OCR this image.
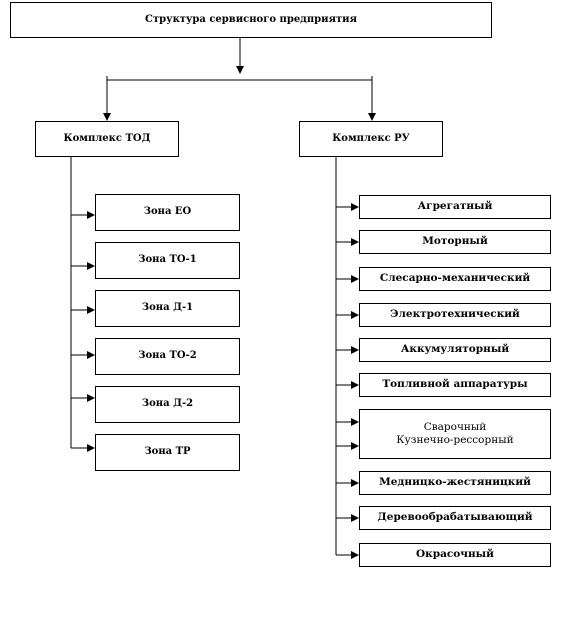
Структура сервисного предприятия
Комплекс ТОД	Комплекс РУ
Зона ЕО
Зона ТО-1
Зона Д-1
Зона ТО-2
Зона Д-2
Зона ТР
Агрегатный
Моторный
Слесарно-механический
Электротехнический
Аккумуляторный
Топливной аппаратуры
Сварочный
Кузнечно-рессорный
Медницко-жестяницкий
Деревообрабатывающий
Окрасочный
